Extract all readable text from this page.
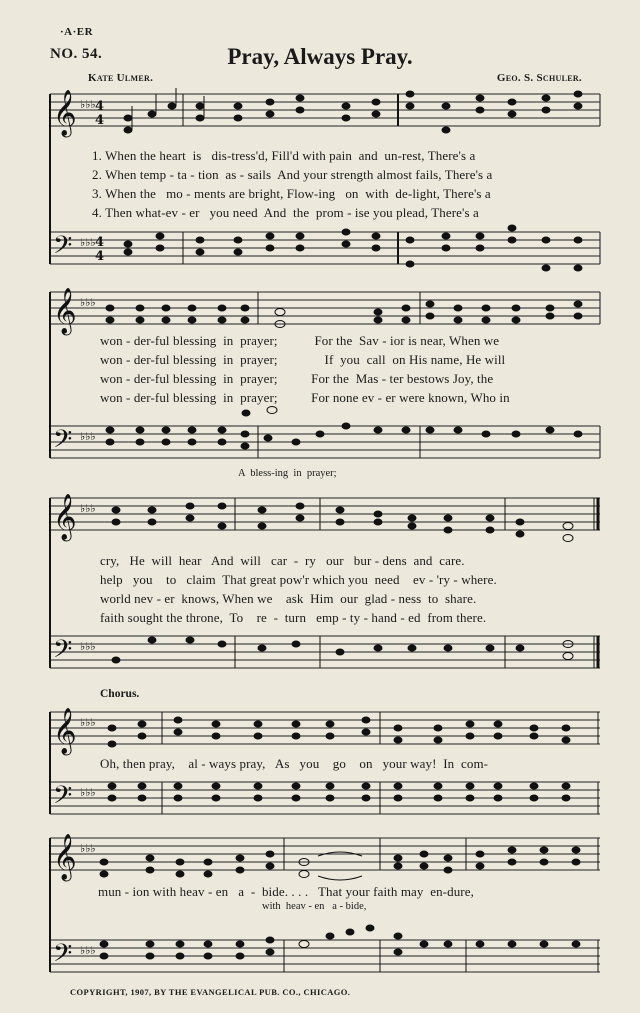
·A·ER
NO. 54.	Pray, Always Pray.
Kate Ulmer.	Geo. S. Schuler.
𝄞
𝄢
♭♭♭
♭♭♭
4
4
4
4
1. When the heart  is   dis-tress'd, Fill'd with pain  and  un-rest, There's a
2. When temp - ta - tion  as - sails  And your strength almost fails, There's a
3. When the   mo - ments are bright, Flow-ing   on  with  de-light, There's a
4. Then what-ev - er   you need  And  the  prom - ise you plead, There's a
𝄞
𝄢
♭♭♭
♭♭♭
won - der-ful blessing  in  prayer;           For the  Sav - ior is near, When we
won - der-ful blessing  in  prayer;              If  you  call  on His name, He will
won - der-ful blessing  in  prayer;          For the  Mas - ter bestows Joy, the
won - der-ful blessing  in  prayer;          For none ev - er were known, Who in
A  bless-ing  in  prayer;
𝄞
𝄢
♭♭♭
♭♭♭
cry,   He  will  hear   And  will   car  -  ry   our   bur - dens  and  care.
help   you    to   claim  That great pow'r which you  need    ev - 'ry - where.
world nev - er  knows, When we    ask  Him  our  glad - ness  to  share.
faith sought the throne,  To    re  -  turn   emp - ty - hand - ed  from there.
Chorus.
𝄞
𝄢
♭♭♭
♭♭♭
Oh, then pray,    al - ways pray,   As   you    go    on   your way!  In  com-
𝄞
𝄢
♭♭♭
♭♭♭
mun - ion with heav - en   a  -  bide. . . .   That your faith may  en-dure,
with  heav - en   a - bide,
COPYRIGHT, 1907, BY THE EVANGELICAL PUB. CO., CHICAGO.
